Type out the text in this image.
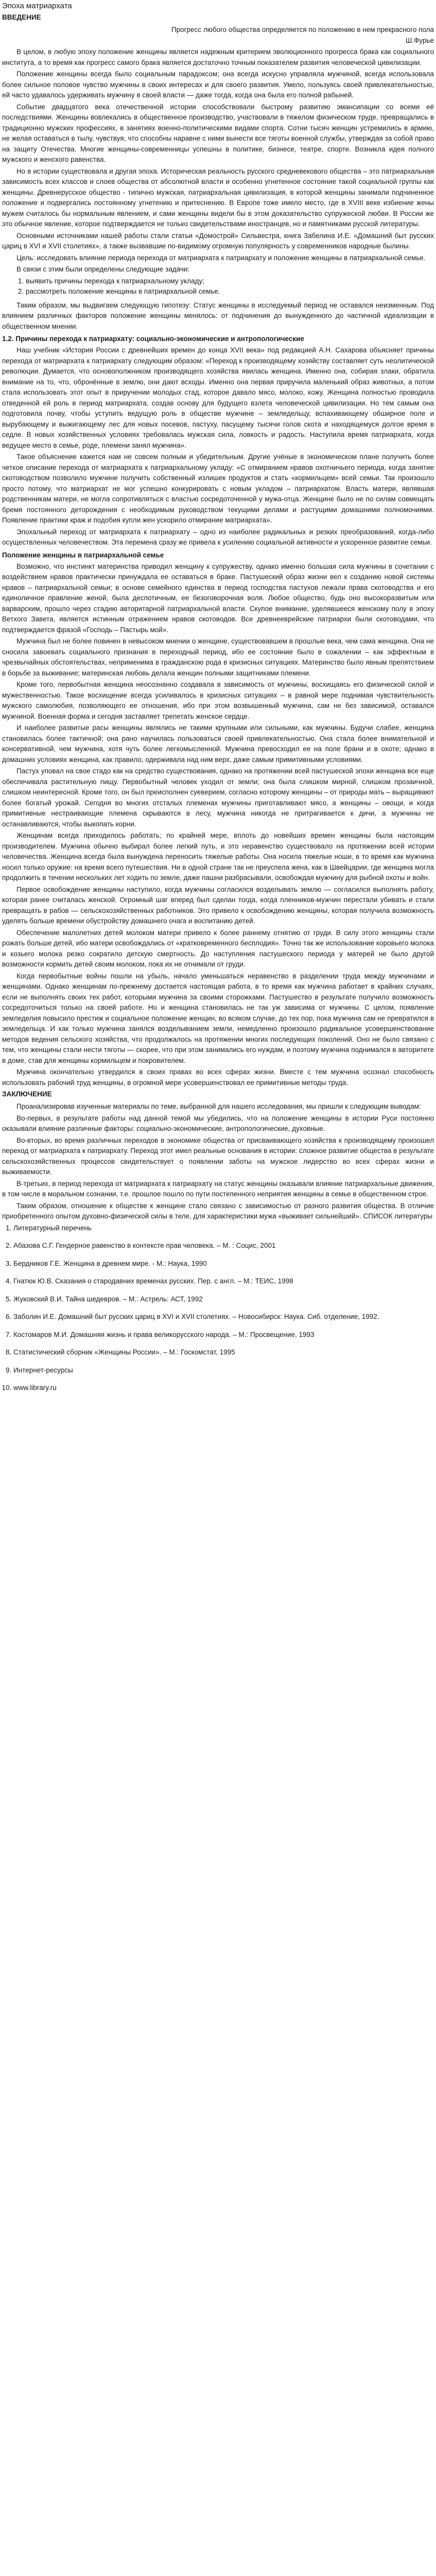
Эпоха матриархата
ВВЕДЕНИЕ

Прогресс любого общества определяется по положению в нем прекрасного пола

Ш.Фурье

В целом, в любую эпоху положение женщины является надежным критерием эволюционного прогресса брака как социального института, а то время как прогресс самого брака является достаточно точным показателем развития человеческой цивилизации.

Положение женщины всегда было социальным парадоксом; она всегда искусно управляла мужчиной, всегда использовала более сильное половое чувство мужчины в своих интересах и для своего развития. Умело, пользуясь своей привлекательностью, ей часто удавалось удерживать мужчину в своей власти — даже тогда, когда она была его полной рабыней.

Событие двадцатого века отечественной истории способствовали быстрому развитию эмансипации со всеми её последствиями. Женщины вовлекались в общественное производство, участвовали в тяжелом физическом труде, превращались в традиционно мужских профессиях, в занятиях военно-политическими видами спорта. Сотни тысяч женщин устремились в армию, не желая оставаться в тылу, чувствуя, что способны наравне с ними вынести все тяготы военной службы, утверждая за собой право на защиту Отечества. Многие женщины-современницы успешны в политике, бизнесе, театре, спорте. Возникла идея полного мужского и женского равенства.

Но в истории существовала и другая эпоха. Историческая реальность русского средневекового общества – это патриархальная зависимость всех классов и слоев общества от абсолютной власти и особенно угнетенное состояние такой социальной группы как женщины. Древнерусское общество - типично мужская, патриархальная цивилизация, в которой женщины занимали подчиненное положение и подвергались постоянному угнетению и притеснению. В Европе тоже имело место, где в XVIII веке избиение жены мужем считалось бы нормальным явлением, и сами женщины видели бы в этом доказательство супружеской любви. В России же это обычное явление, которое подтверждается не только свидетельствами иностранцев, но и памятниками русской литературы.

Основными источниками нашей работы стали статьи «Домострой» Сильвестра, книга Забелина И.Е. «Домашний быт русских цариц в XVI и XVII столетиях», а также вызвавшие по-видимому огромную популярность у современников народные былины.

Цель: исследовать влияние периода перехода от матриархата к патриархату и положение женщины в патриархальной семье.

В связи с этим были определены следующие задачи:

1. выявить причины перехода к патриархальному укладу;
2. рассмотреть положение женщины в патриархальной семье.

Таким образом, мы выдвигаем следующую гипотезу: Статус женщины в исследуемый период не оставался неизменным. Под влиянием различных факторов положение женщины менялось: от подчинения до вынужденного до частичной идеализации в общественном мнении.

1.2. Причины перехода к патриархату: социально-экономические и антропологические

Наш учебник «История России с древнейших времен до конца XVII века» под редакцией А.Н. Сахарова объясняет причины перехода от матриархата к патриархату следующим образом: «Переход к производящему хозяйству составляет суть неолитической революции. Думается, что основополжником производящего хозяйства явилась женщина. Именно она, собирая злаки, обратила внимание на то, что, обронённые в землю, они дают всходы. Именно она первая приручила маленький образ животных, а потом стала использовать этот опыт в приручении молодых стад, которое давало мясо, молоко, кожу. Женщина полностью проводила отведенной ей роль в период матриархата, создав основу для будущего взлета человеческой цивилизации. Но тем самым она подготовила почву, чтобы уступить ведущую роль в обществе мужчине – земледельцу, вспахивающему обширное поле и вырубающему и выжигающему лес для новых посевов, пастуху, пасущему тысячи голов скота и находящемуся долгое время в седле. В новых хозяйственных условиях требовалась мужская сила, ловкость и радость. Наступила время патриархата, когда ведущее место в семье, роде, племени занял мужчина».

Такое объяснение кажется нам не совсем полным и убедительным. Другие учёные в экономическом плане получить более четкое описание перехода от матриархата к патриархальному укладу: «С отмиранием нравов охотничьего периода, когда занятие скотоводством позволило мужчине получить собственный излишек продуктов и стать «кормильцем» всей семьи. Так произошло просто потому, что матриархат не мог успешно конкурировать с новым укладом – патриархатом. Власть матери, являвшая родственникам матери, не могла сопротивляться с властью сосредоточенной у мужа-отца. Женщине было не по силам совмещать бремя постоянного деторождения с необходимым руководством текущими делами и растущими домашними полномочиями. Появление практики краж и подобия купли жен ускорило отмирание матриархата».

Эпохальный переход от матриархата к патриархату – одно из наиболее радикальных и резких преобразований, когда-либо осуществленных человечеством. Эта перемена сразу же привела к усилению социальной активности и ускоренное развитие семьи.

Положение женщины в патриархальной семье

Возможно, что инстинкт материнства приводил женщину к супружеству, однако именно большая сила мужчины в сочетании с воздействием нравов практически принуждала ее оставаться в браке. Пастушеский образ жизни вел к созданию новой системы нравов – патриархальной семьи; в основе семейного единства в период господства пастухов лежали права скотоводства и его единоличное правление женой, была деспотичным, ее безоговорочная воля. Любое общество, будь оно высокоразвитым или варварским, прошло через стадию авторитарной патриархальной власти. Скупое внимание, уделявшееся женскому полу в эпоху Ветхого Завета, является истинным отражением нравов скотоводов. Все древнееврейские патриархи были скотоводами, что подтверждается фразой «Господь – Пастырь мой».

Мужчина был не более повинен в невысоком мнении о женщине, существовавшем в прошлые века, чем сама женщина. Она не сносила завоевать социального признания в переходный период, ибо ее состояние было в сожалении – как эффектным в чрезвычайных обстоятельствах, неприменима в гражданскою рода в кризисных ситуациях. Материнство было явным препятствием в борьбе за выживание; материнская любовь делала женщин полными защитниками племени.

Кроме того, первобытная женщина неосознанно создавала в зависимость от мужчины, восхищаясь его физической силой и мужественностью. Такое восхищение всегда усиливалось в кризисных ситуациях – в равной мере поднимая чувствительность мужского самолюбия, позволяющего ее отношения, ибо при этом возвышенный мужчина, сам не без зависимой, оставался мужчиной. Военная форма и сегодня заставляет трепетать женское сердце.

И наиболее развитые расы женщины являлись не такими крупными или сильными, как мужчины. Будучи слабее, женщина становилась более тактичной; она рано научилась пользоваться своей привлекательностью. Она стала более внимательной и консервативной, чем мужчина, хотя чуть более легкомысленной. Мужчина превосходил ее на поле брани и в охоте; однако в домашних условиях женщина, как правило, одерживала над ним верх, даже самым примитивными условиями.

Пастух уповал на свое стадо как на средство существования, однако на протяжении всей пастушеской эпохи женщина все еще обеспечивала растительную пищу. Первобытный человек уходил от земли; она была слишком мирной, слишком прозаичной, слишком неинтересной. Кроме того, он был преисполнен суеверием, согласно которому женщины – от природы мать – выращивают более богатый урожай. Сегодня во многих отсталых племенах мужчины приготавливают мясо, а женщины – овощи, и когда примитивные нестраивающие племена скрываются в лесу, мужчина никогда не притрагивается к дичи, а мужчины не останавливаются, чтобы выкопать корни.

Женщинам всегда приходилось работать; по крайней мере, вплоть до новейших времен женщины была настоящим производителем. Мужчина обычно выбирал более легкий путь, и это неравенство существовало на протяжении всей истории человечества. Женщина всегда была вынуждена переносить тяжелые работы. Она носила тяжелые ноши, в то время как мужчина носил только оружие: на время всего путешествия. Ни в одной стране так не преуспела жена, как в Швейцарии, где женщина могла продолжить в течении нескольких лет ходить по земле, даже пашни разбрасывали, освобождая мужчину для рыбной охоты и войн.

Первое освобождение женщины наступило, когда мужчины согласился возделывать землю — согласился выполнять работу, которая ранее считалась женской. Огромный шаг вперед был сделан тогда, когда пленников-мужчин перестали убивать и стали превращать в рабов — сельскохозяйственных работников. Это привело к освобождению женщины, которая получила возможность уделять больше времени обустройству домашнего очага и воспитанию детей.

Обеспечение малолетних детей молоком матери привело к более раннему отнятию от груди. В силу этого женщины стали рожать больше детей, ибо матери освобождались от «кратковременного бесплодия». Точно так же использование коровьего молока и козьего молока резко сократило детскую смертность. До наступления пастушеского периода у матерей не было другой возможности кормить детей своим молоком, пока их не отнимали от груди.

Когда первобытные войны пошли на убыль, начало уменьшаться неравенство в разделении труда между мужчинами и женщинами. Однако женщинам по-прежнему достается настоящая работа, в то время как мужчина работает в крайних случаях, если не выполнять своих тех работ, которыми мужчина за своими сторожками. Пастушество в результате получило возможность сосредоточиться только на своей работе. Но и женщина становилась не так уж зависима от мужчины. С целом, появление земледелия повысило престиж и социальное положение женщин, во всяком случае, до тех пор, пока мужчина сам не превратился в земледельца. И как только мужчина занялся возделыванием земли, немедленно произошло радикальное усовершенствование методов ведения сельского хозяйства, что продолжалось на протяжении многих последующих поколений. Оно не было связано с тем, что женщины стали нести тяготы — скорее, что при этом занимались его нуждам, и поэтому мужчина поднимался в авторитете в доме, став для женщины кормильцем и покровителем.

Мужчина окончательно утвердился в своих правах во всех сферах жизни. Вместе с тем мужчина осознал способность использовать рабочий труд женщины, в огромной мере усовершенствовал ее примитивные методы труда.

ЗАКЛЮЧЕНИЕ

Проанализировав изученные материалы по теме, выбранной для нашего исследования, мы пришли к следующим выводам:

Во-первых, в результате работы над данной темой мы убедились, что на положение женщины в истории Руси постоянно оказывали влияние различные факторы: социально-экономические, антропологические, духовные.

Во-вторых, во время различных переходов в экономике общества от присваивающего хозяйства к производящему произошел переход от матриархата к патриархату. Переход этот имел реальные основания в истории: сложное развитие общества в результате сельскохозяйственных процессов свидетельствует о появлении заботы на мужское лидерство во всех сферах жизни и выживаемости.

В-третьих, в период перехода от матриархата к патриархату на статус женщины оказывали влияние патриархальные движения, в том числе в моральном сознании, т.е. прошлое пошло по пути постепенного неприятия женщины в семье в общественном строе.

Таким образом, отношение к обществе к женщине стало связано с зависимостью от разного развития общества. В отличие приобретенного опытом духовно-физической силы в теле, для характеристики мужа «выживает сильнейший». СПИСОК литературы

1. Литературный перечень
2. Абазова С.Г. Гендерное равенство в контексте прав человека. – М. : Социс, 2001
3. Бердников Г.Е. Женщина в древнем мире. - М.: Наука, 1990
4. Гнатюк Ю.В. Сказания о стародавних временах русских. Пер. с англ. – М.: ТЕИС, 1998
5. Жуковский В.И. Тайна шедевров. – М.: Астрель: АСТ, 1992
6. Заболин И.Е. Домашний быт русских цариц в XVI и XVII столетиях. – Новосибирск: Наука. Сиб. отделение, 1992.
7. Костомаров М.И. Домашняя жизнь и права великорусского народа. – М.: Просвещение, 1993
8. Статистический сборник «Женщины России». – М.: Госкомстат, 1995
9. Интернет-ресурсы
10. www.library.ru
